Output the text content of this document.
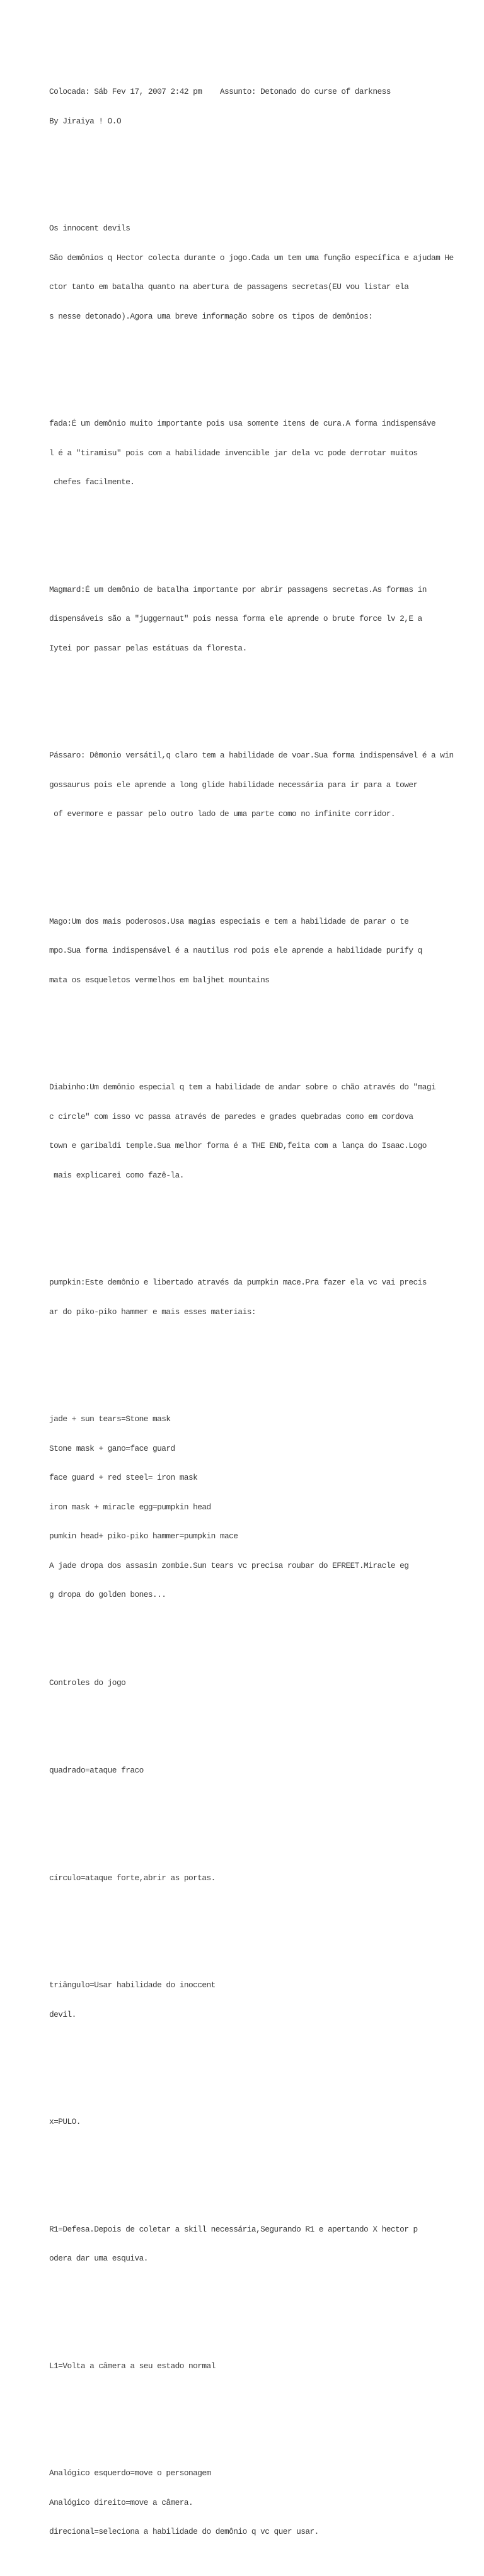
Colocada: Sáb Fev 17, 2007 2:42 pm    Assunto: Detonado do curse of darkness

By Jiraiya ! O.O

Os innocent devils

São demônios q Hector colecta durante o jogo.Cada um tem uma função específica e ajudam He

ctor tanto em batalha quanto na abertura de passagens secretas(EU vou listar ela

s nesse detonado).Agora uma breve informação sobre os tipos de demônios:

fada:É um demônio muito importante pois usa somente itens de cura.A forma indispensáve

l é a "tiramisu" pois com a habilidade invencible jar dela vc pode derrotar muitos

chefes facilmente.

Magmard:É um demônio de batalha importante por abrir passagens secretas.As formas in

dispensáveis são a "juggernaut" pois nessa forma ele aprende o brute force lv 2,E a

Iytei por passar pelas estátuas da floresta.

Pássaro: Dêmonio versátil,q claro tem a habilidade de voar.Sua forma indispensável é a win

gossaurus pois ele aprende a long glide habilidade necessária para ir para a tower

of evermore e passar pelo outro lado de uma parte como no infinite corridor.

Mago:Um dos mais poderosos.Usa magias especiais e tem a habilidade de parar o te

mpo.Sua forma indispensável é a nautilus rod pois ele aprende a habilidade purify q

mata os esqueletos vermelhos em baljhet mountains

Diabinho:Um demônio especial q tem a habilidade de andar sobre o chão através do "magi

c circle" com isso vc passa através de paredes e grades quebradas como em cordova

town e garibaldi temple.Sua melhor forma é a THE END,feita com a lança do Isaac.Logo

mais explicarei como fazê-la.

pumpkin:Este demônio e libertado através da pumpkin mace.Pra fazer ela vc vai precis

ar do piko-piko hammer e mais esses materiais:

jade + sun tears=Stone mask

Stone mask + gano=face guard

face guard + red steel= iron mask

iron mask + miracle egg=pumpkin head

pumkin head+ piko-piko hammer=pumpkin mace

A jade dropa dos assasin zombie.Sun tears vc precisa roubar do EFREET.Miracle eg

g dropa do golden bones...

Controles do jogo

quadrado=ataque fraco

círculo=ataque forte,abrir as portas.

triângulo=Usar habilidade do inoccent

devil.

x=PULO.

R1=Defesa.Depois de coletar a skill necessária,Segurando R1 e apertando X hector p

odera dar uma esquiva.

L1=Volta a câmera a seu estado normal

Analógico esquerdo=move o personagem

Analógico direito=move a câmera.

direcional=seleciona a habilidade do demônio q vc quer usar.
